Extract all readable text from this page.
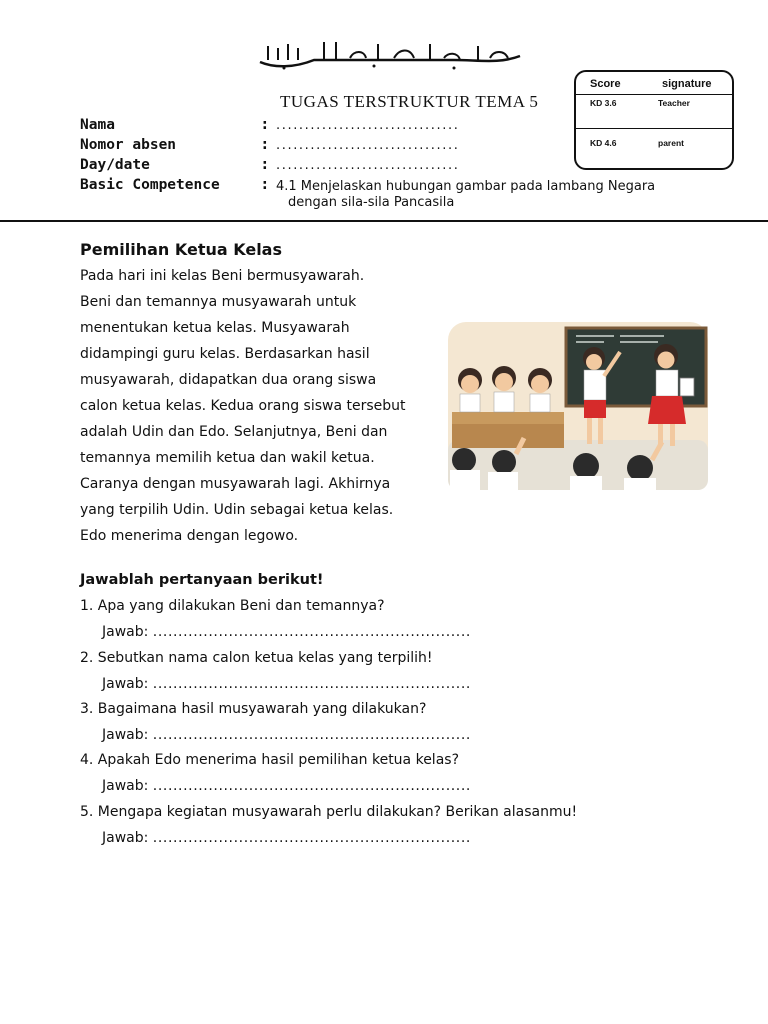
TUGAS TERSTRUKTUR TEMA 5
Score	signature
KD 3.6	Teacher
KD 4.6	parent
Nama	: ................................
Nomor absen	: ................................
Day/date	: ................................
Basic Competence	: 4.1 Menjelaskan hubungan gambar pada lambang Negara
dengan sila-sila Pancasila
Pemilihan Ketua Kelas
Pada hari ini kelas Beni bermusyawarah.
Beni dan temannya musyawarah untuk
menentukan ketua kelas. Musyawarah
didampingi guru kelas. Berdasarkan hasil
musyawarah, didapatkan dua orang siswa
calon ketua kelas. Kedua orang siswa tersebut
adalah Udin dan Edo. Selanjutnya, Beni dan
temannya memilih ketua dan wakil ketua.
Caranya dengan musyawarah lagi. Akhirnya
yang terpilih Udin. Udin sebagai ketua kelas.
Edo menerima dengan legowo.
Jawablah pertanyaan berikut!
1. Apa yang dilakukan Beni dan temannya?
Jawab: ...............................................................
2. Sebutkan nama calon ketua kelas yang terpilih!
Jawab: ...............................................................
3. Bagaimana hasil musyawarah yang dilakukan?
Jawab: ...............................................................
4. Apakah Edo menerima hasil pemilihan ketua kelas?
Jawab: ...............................................................
5. Mengapa kegiatan musyawarah perlu dilakukan? Berikan alasanmu!
Jawab: ...............................................................
